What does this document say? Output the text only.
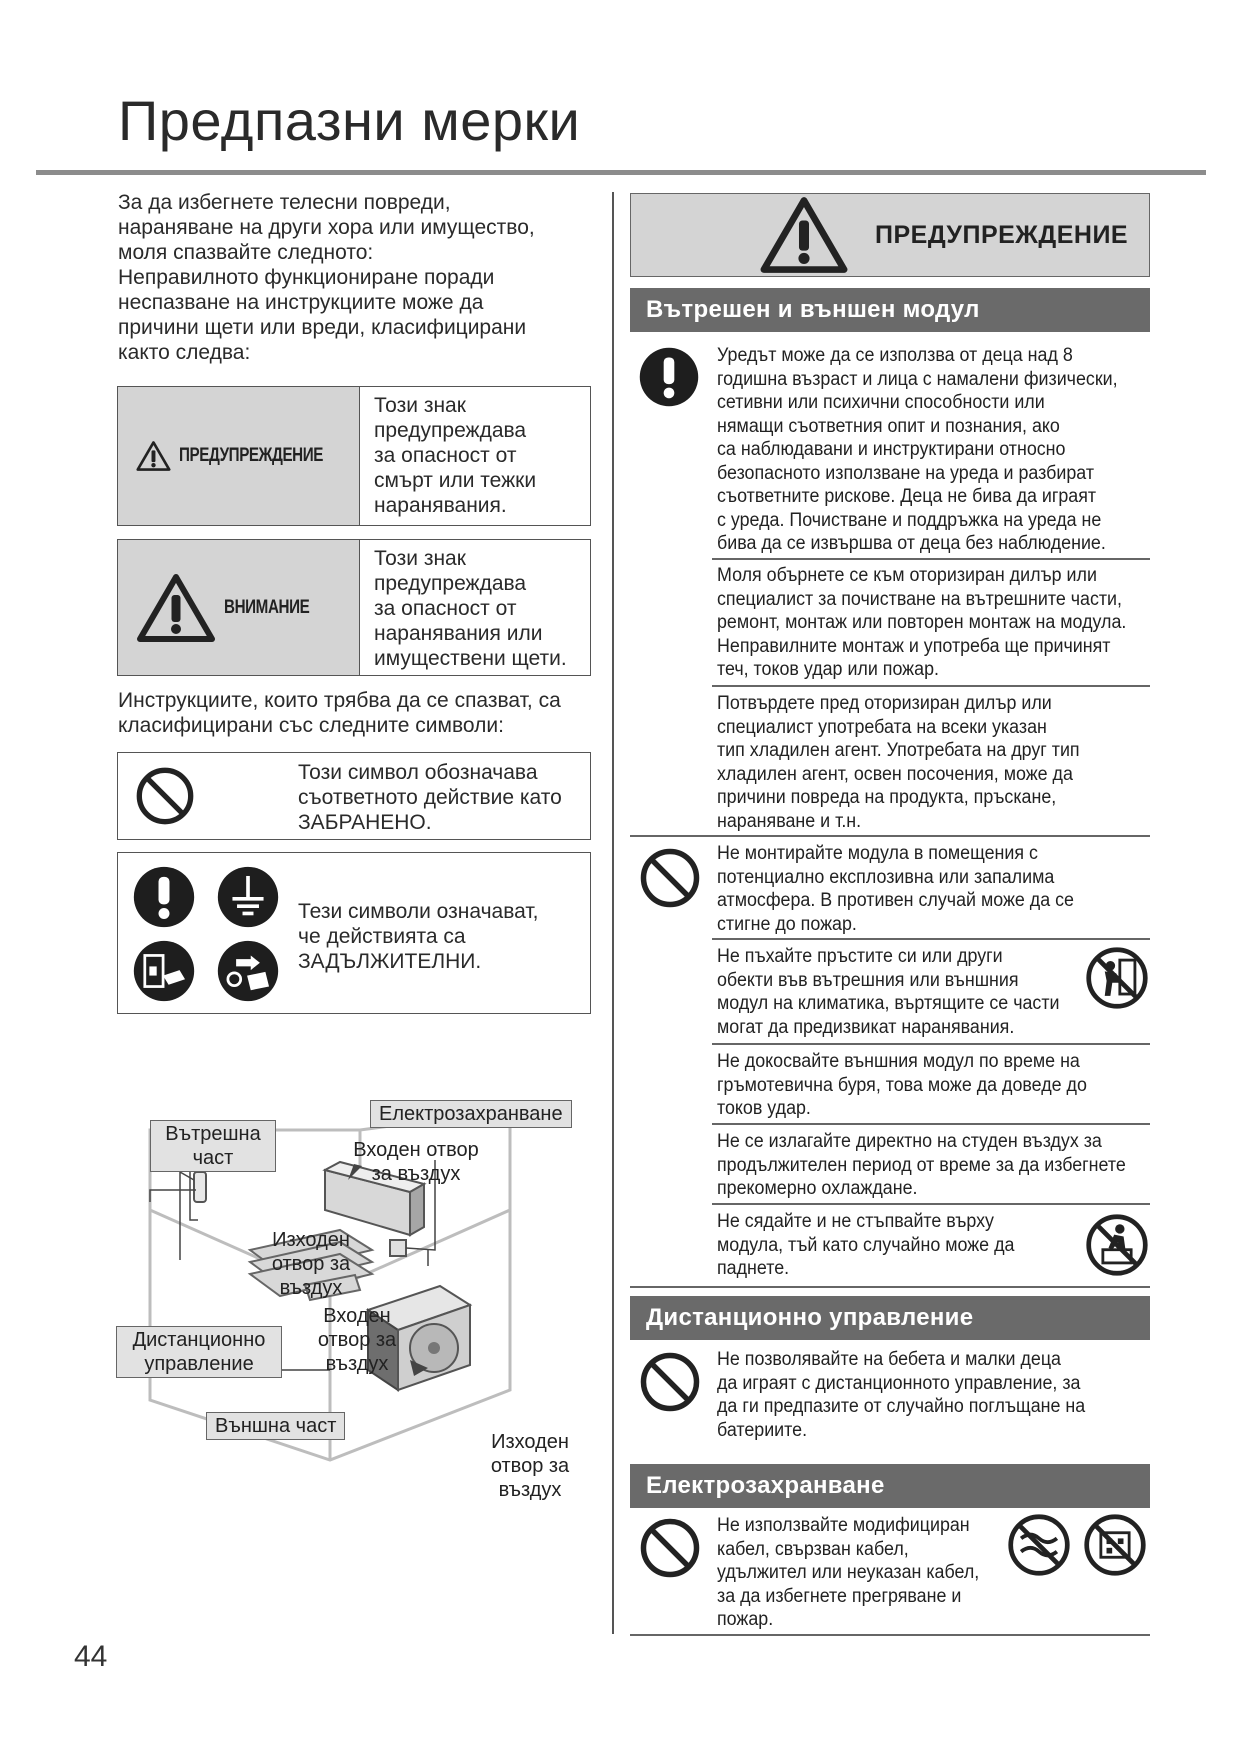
Предпазни мерки

За да избегнете телесни повреди,

нараняване на други хора или имущество,

моля спазвайте следното:

Неправилното функциониране поради

неспазване на инструкциите може да

причини щети или вреди, класифицирани

както следва:

ПРЕДУПРЕЖДЕНИЕ
Този знак
предупреждава
за опасност от
смърт или тежки
наранявания.
ВНИМАНИЕ
Този знак
предупреждава
за опасност от
наранявания или
имуществени щети.
Инструкциите, които трябва да се спазват, са
класифицирани със следните символи:
Този символ обозначава
съответното действие като
ЗАБРАНЕНО.
Тези символи означават,
че действията са
ЗАДЪЛЖИТЕЛНИ.
Вътрешна
част
Електрозахранване
Входен отвор
за въздух
Изходен
отвор за
въздух
Входен
отвор за
въздух
Дистанционно
управление
Външна част
Изходен
отвор за
въздух
44
ПРЕДУПРЕЖДЕНИЕ
Вътрешен и външен модул
Уредът може да се използва от деца над 8
годишна възраст и лица с намалени физически,
сетивни или психични способности или
нямащи съответния опит и познания, ако
са наблюдавани и инструктирани относно
безопасното използване на уреда и разбират
съответните рискове. Деца не бива да играят
с уреда. Почистване и поддръжка на уреда не
бива да се извършва от деца без наблюдение.
Моля обърнете се към оторизиран дилър или
специалист за почистване на вътрешните части,
ремонт, монтаж или повторен монтаж на модула.
Неправилните монтаж и употреба ще причинят
теч, токов удар или пожар.
Потвърдете пред оторизиран дилър или
специалист употребата на всеки указан
тип хладилен агент. Употребата на друг тип
хладилен агент, освен посочения, може да
причини повреда на продукта, пръскане,
нараняване и т.н.
Не монтирайте модула в помещения с
потенциално експлозивна или запалима
атмосфера. В противен случай може да се
стигне до пожар.
Не пъхайте пръстите си или други
обекти във вътрешния или външния
модул на климатика, въртящите се части
могат да предизвикат наранявания.
Не докосвайте външния модул по време на
гръмотевична буря, това може да доведе до
токов удар.
Не се излагайте директно на студен въздух за
продължителен период от време за да избегнете
прекомерно охлаждане.
Не сядайте и не стъпвайте върху
модула, тъй като случайно може да
паднете.
Дистанционно управление
Не позволявайте на бебета и малки деца
да играят с дистанционното управление, за
да ги предпазите от случайно поглъщане на
батериите.
Електрозахранване
Не използвайте модифициран
кабел, свързван кабел,
удължител или неуказан кабел,
за да избегнете прегряване и
пожар.
